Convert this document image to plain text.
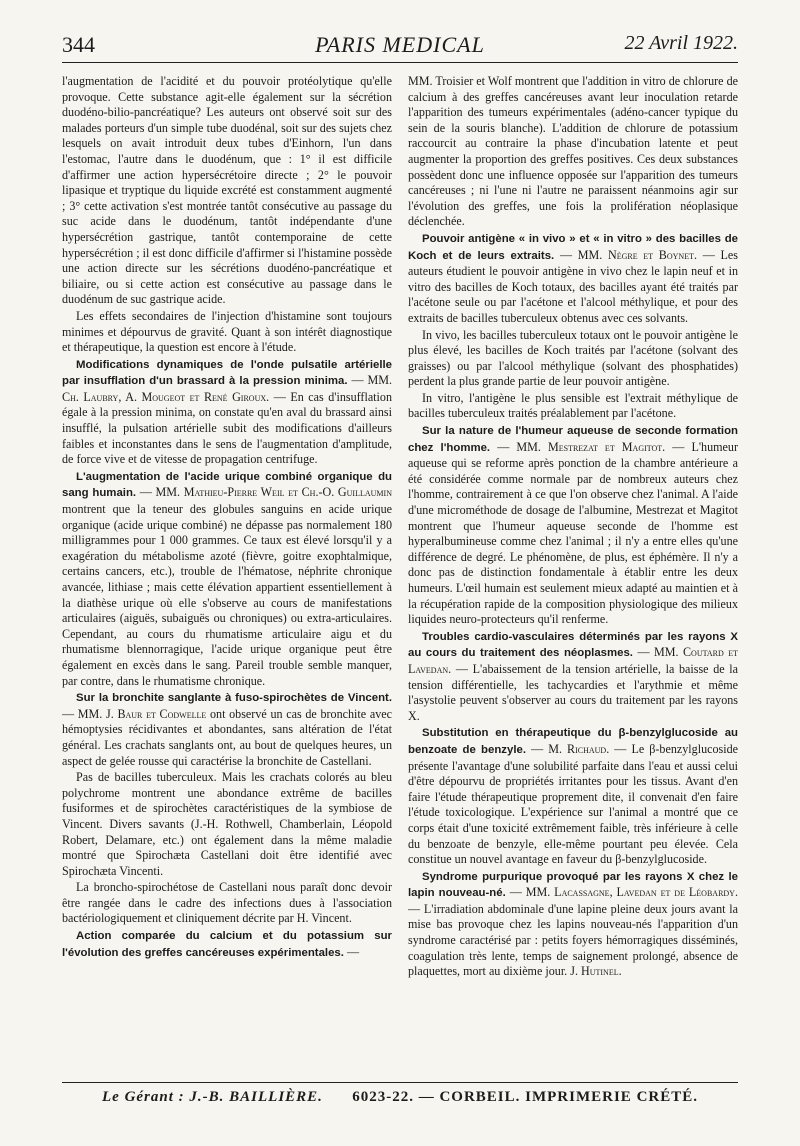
344	PARIS MEDICAL	22 Avril 1922.

l'augmentation de l'acidité et du pouvoir protéolytique qu'elle provoque. Cette substance agit-elle également sur la sécrétion duodéno-bilio-pancréatique? Les auteurs ont observé soit sur des malades porteurs d'un simple tube duodénal, soit sur des sujets chez lesquels on avait introduit deux tubes d'Einhorn, l'un dans l'estomac, l'autre dans le duodénum, que : 1° il est difficile d'affirmer une action hypersécrétoire directe ; 2° le pouvoir lipasique et tryptique du liquide excrété est constamment augmenté ; 3° cette activation s'est montrée tantôt consécutive au passage du suc acide dans le duodénum, tantôt indépendante d'une hypersécrétion gastrique, tantôt contemporaine de cette hypersécrétion ; il est donc difficile d'affirmer si l'histamine possède une action directe sur les sécrétions duodéno-pancréatique et biliaire, ou si cette action est consécutive au passage dans le duodénum de suc gastrique acide.

Les effets secondaires de l'injection d'histamine sont toujours minimes et dépourvus de gravité. Quant à son intérêt diagnostique et thérapeutique, la question est encore à l'étude.

Modifications dynamiques de l'onde pulsatile artérielle par insufflation d'un brassard à la pression minima. — MM. Ch. Laubry, A. Mougeot et René Giroux. — En cas d'insufflation égale à la pression minima, on constate qu'en aval du brassard ainsi insufflé, la pulsation artérielle subit des modifications d'ailleurs faibles et inconstantes dans le sens de l'augmentation d'amplitude, de force vive et de vitesse de propagation centrifuge.

L'augmentation de l'acide urique combiné organique du sang humain. — MM. Mathieu-Pierre Weil et Ch.-O. Guillaumin montrent que la teneur des globules sanguins en acide urique organique (acide urique combiné) ne dépasse pas normalement 180 milligrammes pour 1 000 grammes. Ce taux est élevé lorsqu'il y a exagération du métabolisme azoté (fièvre, goitre exophtalmique, certains cancers, etc.), trouble de l'hématose, néphrite chronique avancée, lithiase ; mais cette élévation appartient essentiellement à la diathèse urique où elle s'observe au cours de manifestations articulaires (aiguës, subaiguës ou chroniques) ou extra-articulaires. Cependant, au cours du rhumatisme articulaire aigu et du rhumatisme blennorragique, l'acide urique organique peut être également en excès dans le sang. Pareil trouble semble manquer, par contre, dans le rhumatisme chronique.

Sur la bronchite sanglante à fuso-spirochètes de Vincent. — MM. J. Baur et Codwelle ont observé un cas de bronchite avec hémoptysies récidivantes et abondantes, sans altération de l'état général. Les crachats sanglants ont, au bout de quelques heures, un aspect de gelée rousse qui caractérise la bronchite de Castellani.

Pas de bacilles tuberculeux. Mais les crachats colorés au bleu polychrome montrent une abondance extrême de bacilles fusiformes et de spirochètes caractéristiques de la symbiose de Vincent. Divers savants (J.-H. Rothwell, Chamberlain, Léopold Robert, Delamare, etc.) ont également dans la même maladie montré que Spirochæta Castellani doit être identifié avec Spirochæta Vincenti.

La broncho-spirochétose de Castellani nous paraît donc devoir être rangée dans le cadre des infections dues à l'association bactériologiquement et cliniquement décrite par H. Vincent.

Action comparée du calcium et du potassium sur l'évolution des greffes cancéreuses expérimentales. —

MM. Troisier et Wolf montrent que l'addition in vitro de chlorure de calcium à des greffes cancéreuses avant leur inoculation retarde l'apparition des tumeurs expérimentales (adéno-cancer typique du sein de la souris blanche). L'addition de chlorure de potassium raccourcit au contraire la phase d'incubation latente et peut augmenter la proportion des greffes positives. Ces deux substances possèdent donc une influence opposée sur l'apparition des tumeurs cancéreuses ; ni l'une ni l'autre ne paraissent néanmoins agir sur l'évolution des greffes, une fois la prolifération néoplasique déclenchée.

Pouvoir antigène « in vivo » et « in vitro » des bacilles de Koch et de leurs extraits. — MM. Nègre et Boynet. — Les auteurs étudient le pouvoir antigène in vivo chez le lapin neuf et in vitro des bacilles de Koch totaux, des bacilles ayant été traités par l'acétone seule ou par l'acétone et l'alcool méthylique, et pour des extraits de bacilles tuberculeux obtenus avec ces solvants.

In vivo, les bacilles tuberculeux totaux ont le pouvoir antigène le plus élevé, les bacilles de Koch traités par l'acétone (solvant des graisses) ou par l'alcool méthylique (solvant des phosphatides) perdent la plus grande partie de leur pouvoir antigène.

In vitro, l'antigène le plus sensible est l'extrait méthylique de bacilles tuberculeux traités préalablement par l'acétone.

Sur la nature de l'humeur aqueuse de seconde formation chez l'homme. — MM. Mestrezat et Magitot. — L'humeur aqueuse qui se reforme après ponction de la chambre antérieure a été considérée comme normale par de nombreux auteurs chez l'homme, contrairement à ce que l'on observe chez l'animal. A l'aide d'une microméthode de dosage de l'albumine, Mestrezat et Magitot montrent que l'humeur aqueuse seconde de l'homme est hyperalbumineuse comme chez l'animal ; il n'y a entre elles qu'une différence de degré. Le phénomène, de plus, est éphémère. Il n'y a donc pas de distinction fondamentale à établir entre les deux humeurs. L'œil humain est seulement mieux adapté au maintien et à la récupération rapide de la composition physiologique des milieux liquides neuro-protecteurs qu'il renferme.

Troubles cardio-vasculaires déterminés par les rayons X au cours du traitement des néoplasmes. — MM. Coutard et Lavedan. — L'abaissement de la tension artérielle, la baisse de la tension différentielle, les tachycardies et l'arythmie et même l'asystolie peuvent s'observer au cours du traitement par les rayons X.

Substitution en thérapeutique du β-benzylglucoside au benzoate de benzyle. — M. Richaud. — Le β-benzylglucoside présente l'avantage d'une solubilité parfaite dans l'eau et aussi celui d'être dépourvu de propriétés irritantes pour les tissus. Avant d'en faire l'étude thérapeutique proprement dite, il convenait d'en faire l'étude toxicologique. L'expérience sur l'animal a montré que ce corps était d'une toxicité extrêmement faible, très inférieure à celle du benzoate de benzyle, elle-même pourtant peu élevée. Cela constitue un nouvel avantage en faveur du β-benzylglucoside.

Syndrome purpurique provoqué par les rayons X chez le lapin nouveau-né. — MM. Lacassagne, Lavedan et de Léobardy. — L'irradiation abdominale d'une lapine pleine deux jours avant la mise bas provoque chez les lapins nouveau-nés l'apparition d'un syndrome caractérisé par : petits foyers hémorragiques disséminés, coagulation très lente, temps de saignement prolongé, absence de plaquettes, mort au dixième jour. J. Hutinel.

Le Gérant : J.-B. BAILLIÈRE. 6023-22. — CORBEIL. IMPRIMERIE CRÉTÉ.
